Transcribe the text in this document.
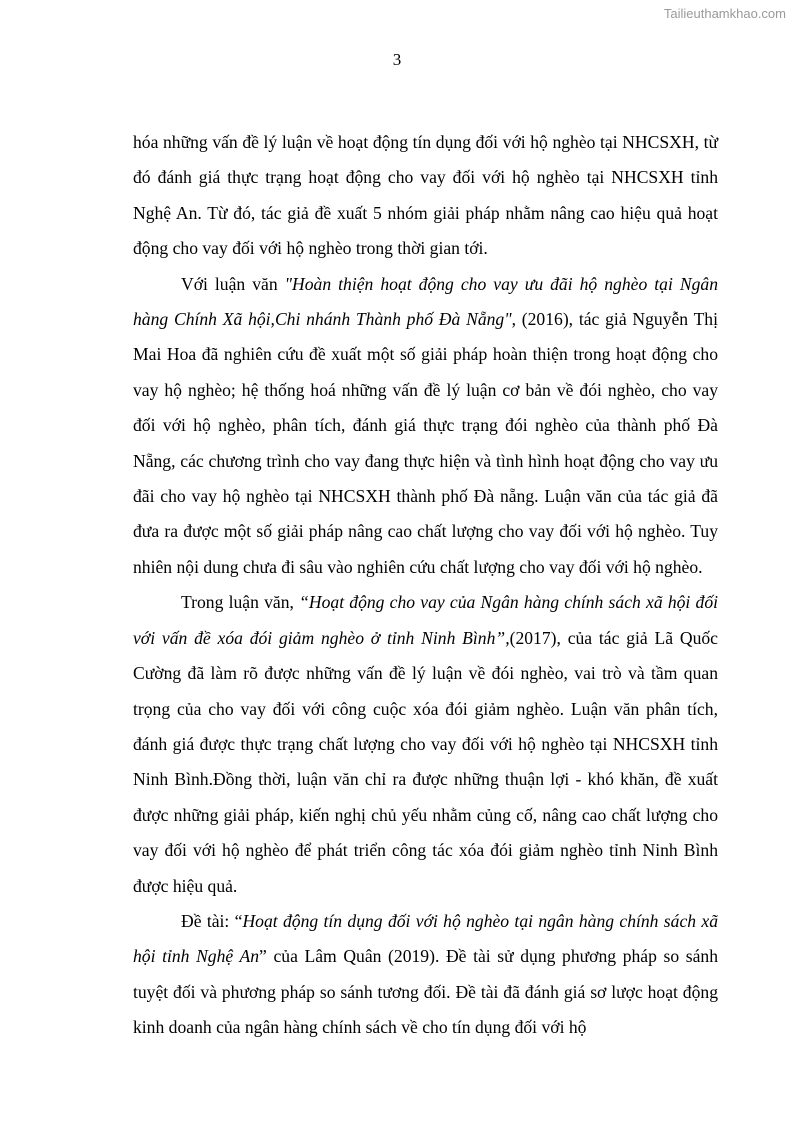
Tailieuthamkhao.com
3

hóa những vấn đề lý luận về hoạt động tín dụng đối với hộ nghèo tại NHCSXH, từ đó đánh giá thực trạng hoạt động cho vay đối với hộ nghèo tại NHCSXH tỉnh Nghệ An. Từ đó, tác giả đề xuất 5 nhóm giải pháp nhằm nâng cao hiệu quả hoạt động cho vay đối với hộ nghèo trong thời gian tới.

Với luận văn "Hoàn thiện hoạt động cho vay ưu đãi hộ nghèo tại Ngân hàng Chính Xã hội,Chi nhánh Thành phố Đà Nẵng", (2016), tác giả Nguyễn Thị Mai Hoa đã nghiên cứu đề xuất một số giải pháp hoàn thiện trong hoạt động cho vay hộ nghèo; hệ thống hoá những vấn đề lý luận cơ bản về đói nghèo, cho vay đối với hộ nghèo, phân tích, đánh giá thực trạng đói nghèo của thành phố Đà Nẵng, các chương trình cho vay đang thực hiện và tình hình hoạt động cho vay ưu đãi cho vay hộ nghèo tại NHCSXH thành phố Đà nẵng. Luận văn của tác giả đã đưa ra được một số giải pháp nâng cao chất lượng cho vay đối với hộ nghèo. Tuy nhiên nội dung chưa đi sâu vào nghiên cứu chất lượng cho vay đối với hộ nghèo.

Trong luận văn, “Hoạt động cho vay của Ngân hàng chính sách xã hội đối với vấn đề xóa đói giảm nghèo ở tỉnh Ninh Bình”,(2017), của tác giả Lã Quốc Cường đã làm rõ được những vấn đề lý luận về đói nghèo, vai trò và tầm quan trọng của cho vay đối với công cuộc xóa đói giảm nghèo. Luận văn phân tích, đánh giá được thực trạng chất lượng cho vay đối với hộ nghèo tại NHCSXH tỉnh Ninh Bình.Đồng thời, luận văn chỉ ra được những thuận lợi - khó khăn, đề xuất được những giải pháp, kiến nghị chủ yếu nhằm củng cố, nâng cao chất lượng cho vay đối với hộ nghèo để phát triển công tác xóa đói giảm nghèo tỉnh Ninh Bình được hiệu quả.

Đề tài: “Hoạt động tín dụng đối với hộ nghèo tại ngân hàng chính sách xã hội tỉnh Nghệ An” của Lâm Quân (2019). Đề tài sử dụng phương pháp so sánh tuyệt đối và phương pháp so sánh tương đối. Đề tài đã đánh giá sơ lược hoạt động kinh doanh của ngân hàng chính sách về cho tín dụng đối với hộ
